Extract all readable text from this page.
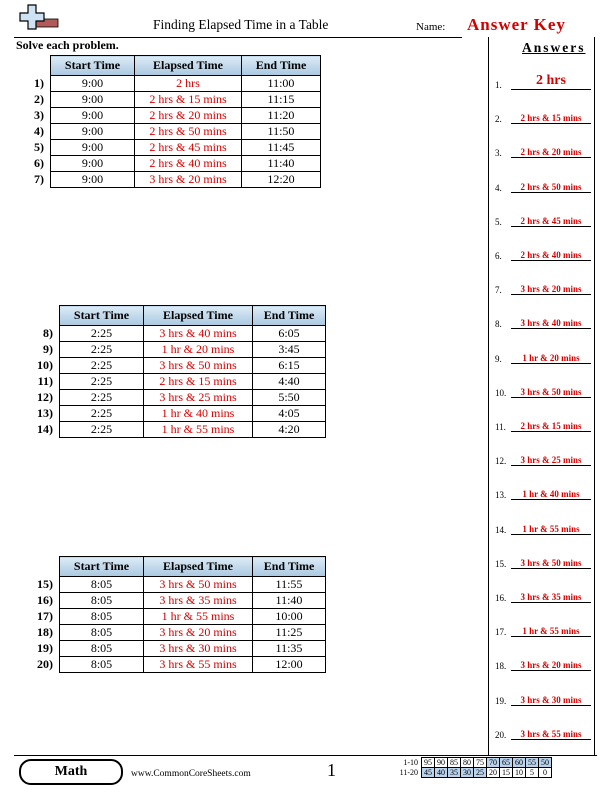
Finding Elapsed Time in a Table	Name: Answer Key
Solve each problem.
	Start Time	Elapsed Time	End Time
1)	9:00	2 hrs	11:00
2)	9:00	2 hrs & 15 mins	11:15
3)	9:00	2 hrs & 20 mins	11:20
4)	9:00	2 hrs & 50 mins	11:50
5)	9:00	2 hrs & 45 mins	11:45
6)	9:00	2 hrs & 40 mins	11:40
7)	9:00	3 hrs & 20 mins	12:20
	Start Time	Elapsed Time	End Time
8)	2:25	3 hrs & 40 mins	6:05
9)	2:25	1 hr & 20 mins	3:45
10)	2:25	3 hrs & 50 mins	6:15
11)	2:25	2 hrs & 15 mins	4:40
12)	2:25	3 hrs & 25 mins	5:50
13)	2:25	1 hr & 40 mins	4:05
14)	2:25	1 hr & 55 mins	4:20
	Start Time	Elapsed Time	End Time
15)	8:05	3 hrs & 50 mins	11:55
16)	8:05	3 hrs & 35 mins	11:40
17)	8:05	1 hr & 55 mins	10:00
18)	8:05	3 hrs & 20 mins	11:25
19)	8:05	3 hrs & 30 mins	11:35
20)	8:05	3 hrs & 55 mins	12:00
Answers
1.	2 hrs
2.	2 hrs & 15 mins
3.	2 hrs & 20 mins
4.	2 hrs & 50 mins
5.	2 hrs & 45 mins
6.	2 hrs & 40 mins
7.	3 hrs & 20 mins
8.	3 hrs & 40 mins
9.	1 hr & 20 mins
10.	3 hrs & 50 mins
11.	2 hrs & 15 mins
12.	3 hrs & 25 mins
13.	1 hr & 40 mins
14.	1 hr & 55 mins
15.	3 hrs & 50 mins
16.	3 hrs & 35 mins
17.	1 hr & 55 mins
18.	3 hrs & 20 mins
19.	3 hrs & 30 mins
20.	3 hrs & 55 mins
Math	www.CommonCoreSheets.com	1	1-10	95	90	85	80	75	70	65	60	55	50
11-20	45	40	35	30	25	20	15	10	5	0
